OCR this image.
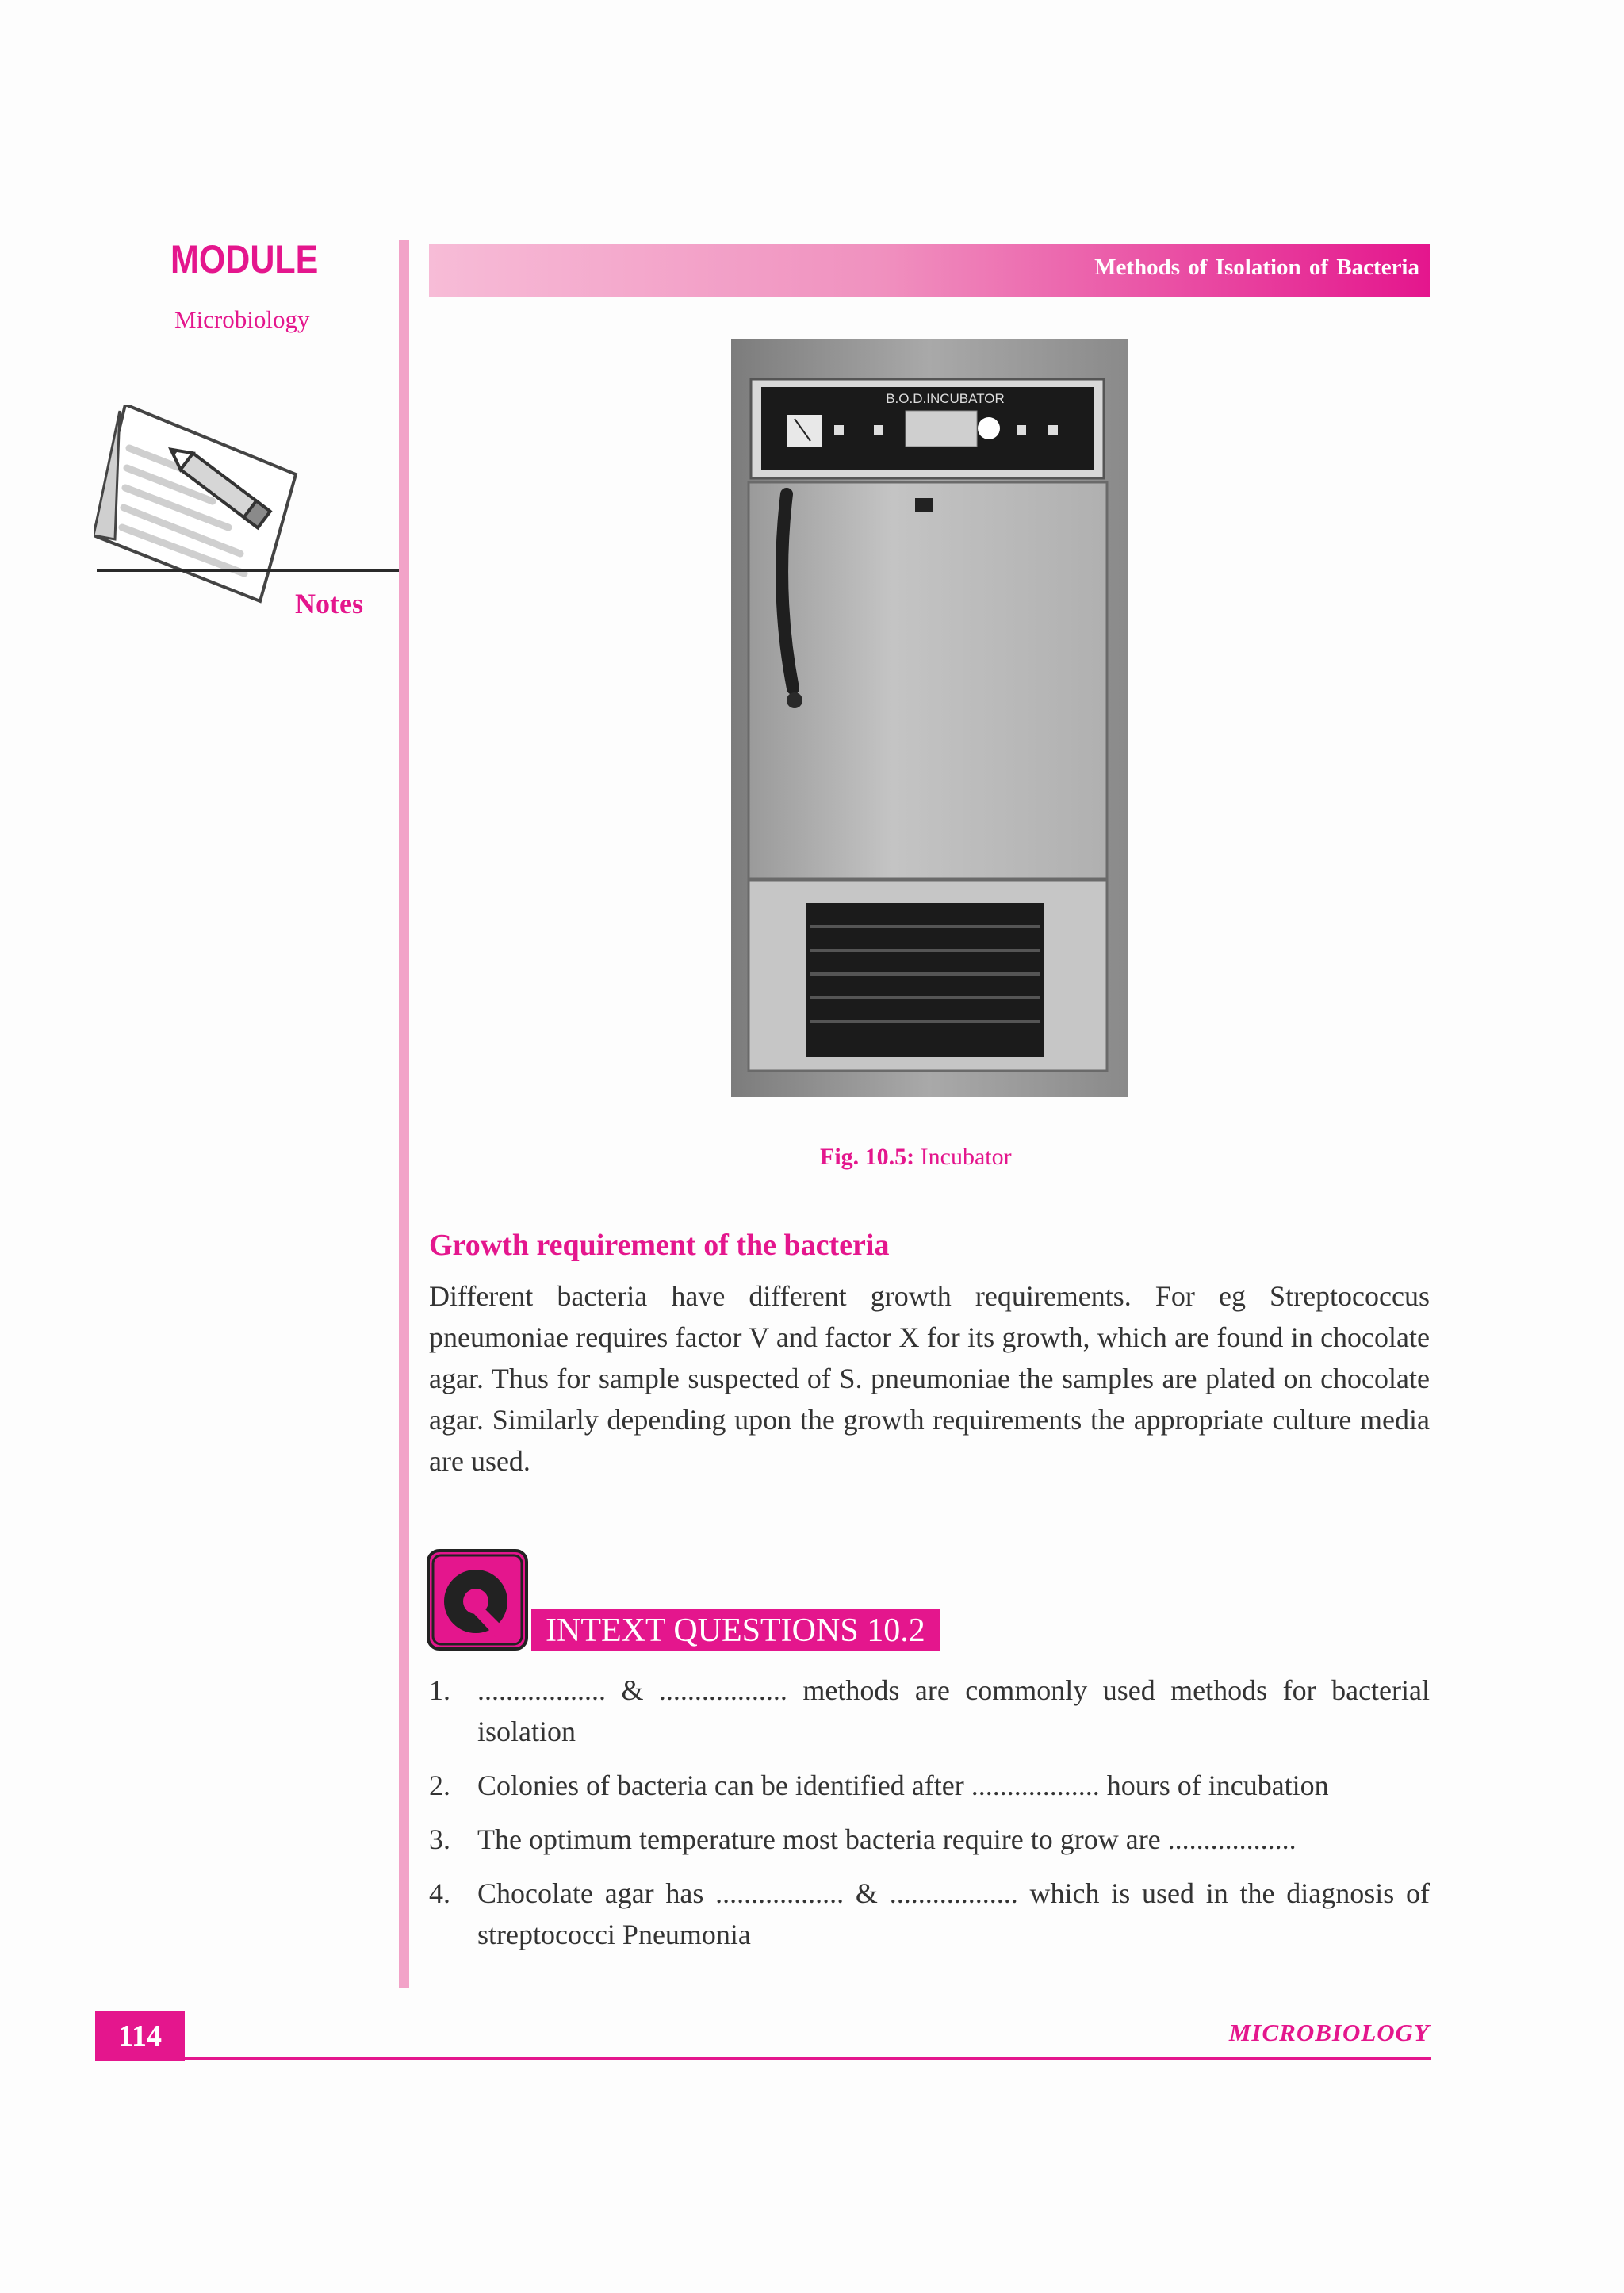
MODULE
Microbiology
Notes
Methods of Isolation of Bacteria
B.O.D.INCUBATOR
Fig. 10.5: Incubator
Growth requirement of the bacteria
Different bacteria have different growth requirements. For eg Streptococcus pneumoniae requires factor V and factor X for its growth, which are found in chocolate agar. Thus for sample suspected of S. pneumoniae the samples are plated on chocolate agar. Similarly depending upon the growth requirements the appropriate culture media are used.
INTEXT QUESTIONS 10.2
1. .................. & .................. methods are commonly used methods for bacterial isolation
2. Colonies of bacteria can be identified after .................. hours of incubation
3. The optimum temperature most bacteria require to grow are ..................
4. Chocolate agar has .................. & .................. which is used in the diagnosis of streptococci Pneumonia
114	MICROBIOLOGY
